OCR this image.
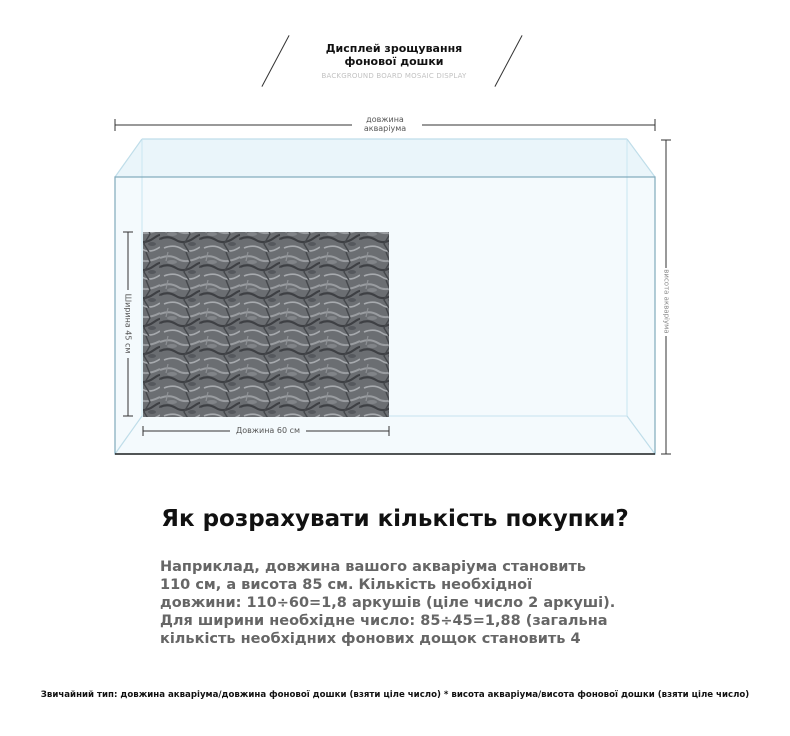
Дисплей зрощування
фонової дошки
BACKGROUND BOARD MOSAIC DISPLAY
довжина
акваріума
Довжина 60 см
Ширина 45 см	висота акваріума
Як розрахувати кількість покупки?
Наприклад, довжина вашого акваріума становить
110 см, а висота 85 см. Кількість необхідної
довжини: 110÷60=1,8 аркушів (ціле число 2 аркуші).
Для ширини необхідне число: 85÷45=1,88 (загальна
кількість необхідних фонових дощок становить 4
Звичайний тип: довжина акваріума/довжина фонової дошки (взяти ціле число) * висота акваріума/висота фонової дошки (взяти ціле число)
